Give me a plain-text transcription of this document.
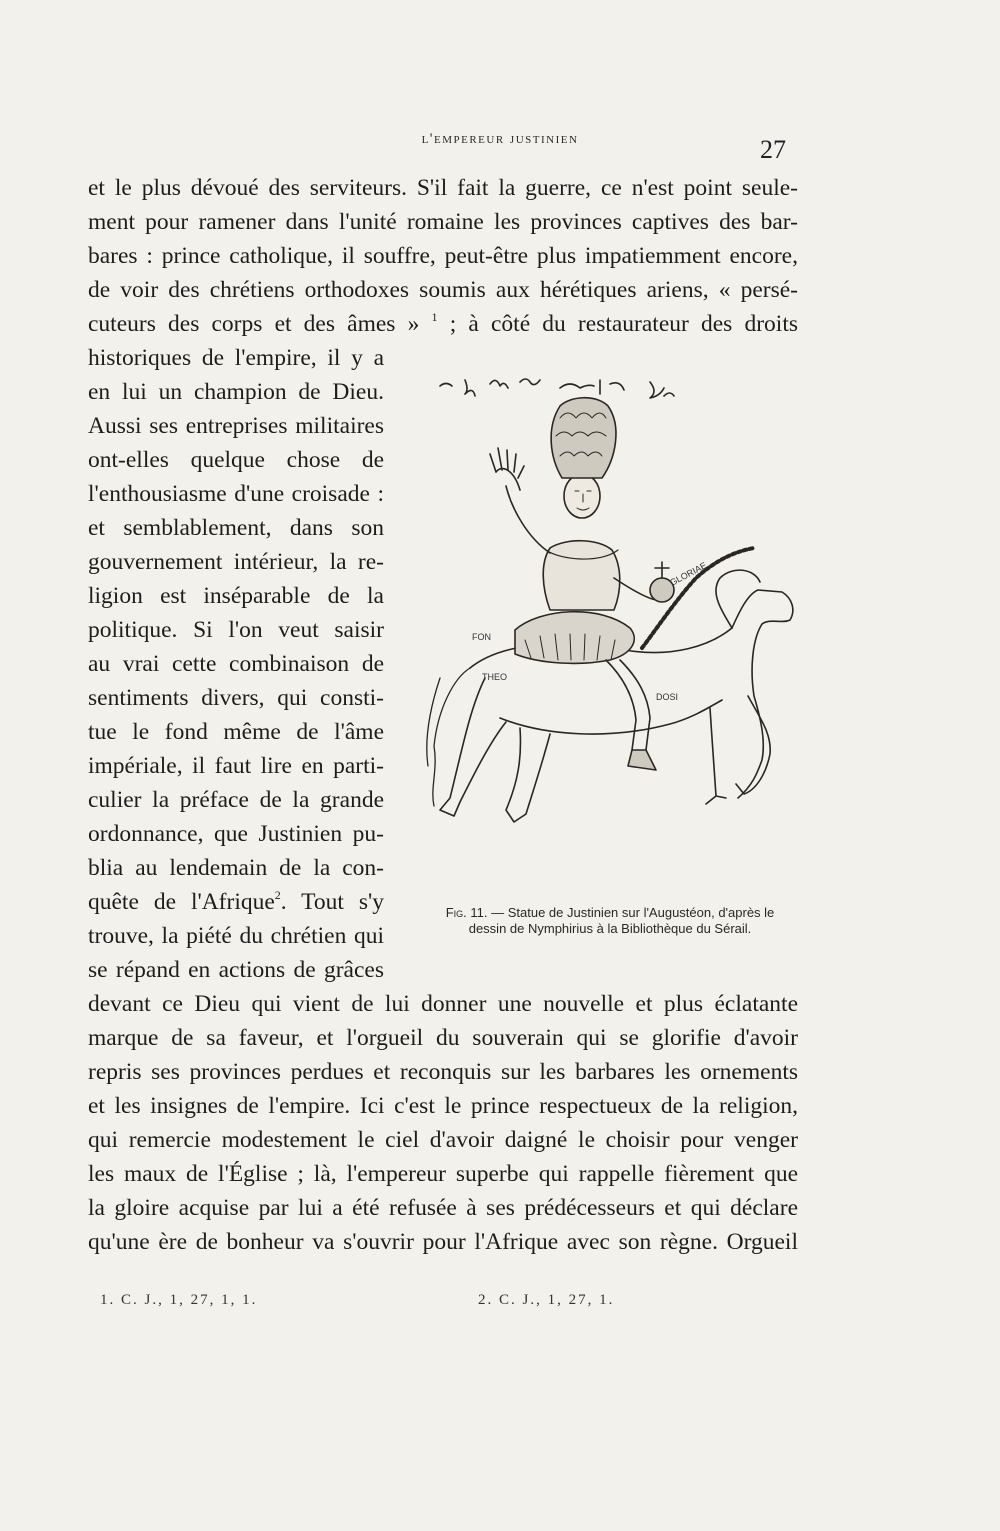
l'empereur justinien	27
et le plus dévoué des serviteurs. S'il fait la guerre, ce n'est point seule-
ment pour ramener dans l'unité romaine les provinces captives des bar-
bares : prince catholique, il souffre, peut-être plus impatiemment encore,
de voir des chrétiens orthodoxes soumis aux hérétiques ariens, « persé-
cuteurs des corps et des âmes » $^1$ ; à côté du restaurateur des droits
historiques de l'empire, il y a
en lui un champion de Dieu.
Aussi ses entreprises militaires
ont-elles quelque chose de
l'enthousiasme d'une croisade :
et semblablement, dans son
gouvernement intérieur, la re-
ligion est inséparable de la
politique. Si l'on veut saisir
au vrai cette combinaison de
sentiments divers, qui consti-
tue le fond même de l'âme
impériale, il faut lire en parti-
culier la préface de la grande
ordonnance, que Justinien pu-
blia au lendemain de la con-
quête de l'Afrique$^2$. Tout s'y
trouve, la piété du chrétien qui
se répand en actions de grâces
devant ce Dieu qui vient de lui donner une nouvelle et plus éclatante
marque de sa faveur, et l'orgueil du souverain qui se glorifie d'avoir
repris ses provinces perdues et reconquis sur les barbares les ornements
et les insignes de l'empire. Ici c'est le prince respectueux de la religion,
qui remercie modestement le ciel d'avoir daigné le choisir pour venger
les maux de l'Église ; là, l'empereur superbe qui rappelle fièrement que
la gloire acquise par lui a été refusée à ses prédécesseurs et qui déclare
qu'une ère de bonheur va s'ouvrir pour l'Afrique avec son règne. Orgueil
FON
THEO
DOSI
GLORIAE
Fig. 11. — Statue de Justinien sur l'Augustéon, d'après le
dessin de Nymphirius à la Bibliothèque du Sérail.
1. C. J., 1, 27, 1, 1.	2. C. J., 1, 27, 1.
